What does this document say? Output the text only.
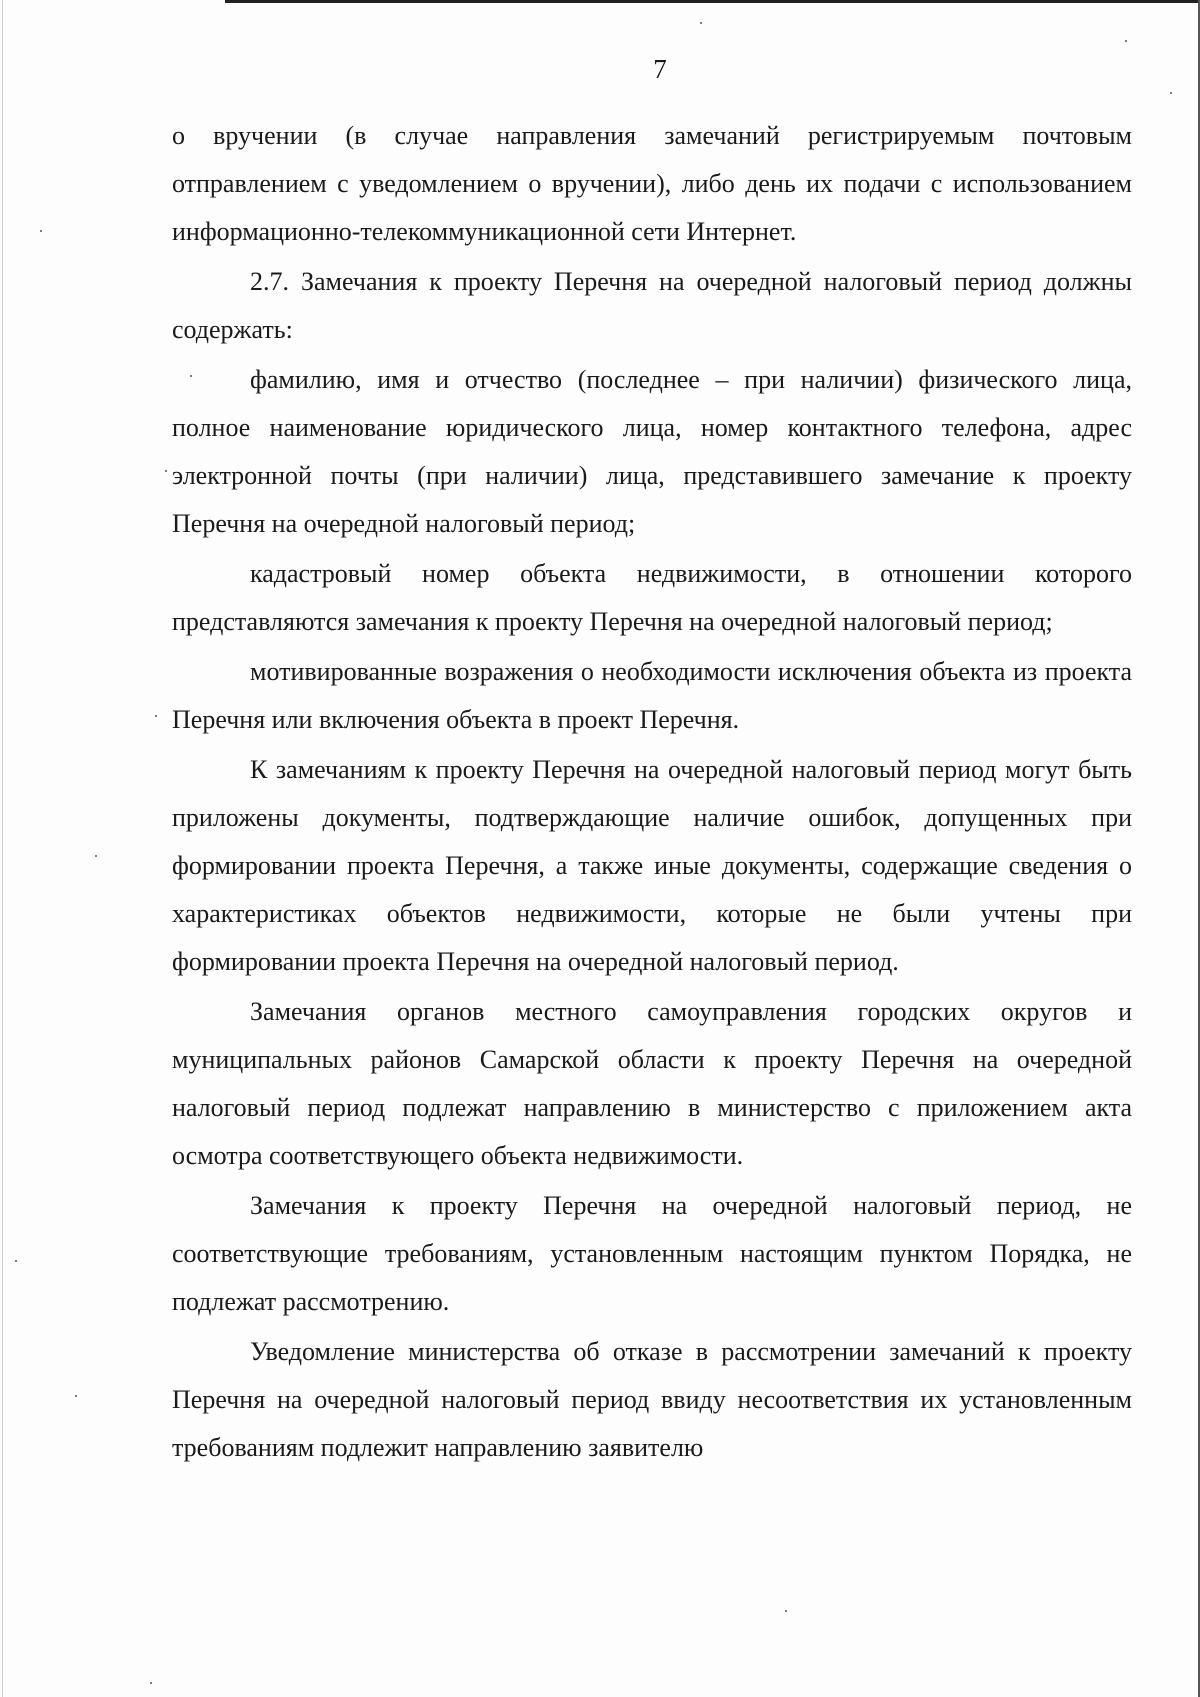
7

о вручении (в случае направления замечаний регистрируемым почтовым отправлением с уведомлением о вручении), либо день их подачи с использованием информационно-телекоммуникационной сети Интернет.

2.7. Замечания к проекту Перечня на очередной налоговый период должны содержать:

фамилию, имя и отчество (последнее – при наличии) физического лица, полное наименование юридического лица, номер контактного телефона, адрес электронной почты (при наличии) лица, представившего замечание к проекту Перечня на очередной налоговый период;

кадастровый номер объекта недвижимости, в отношении которого представляются замечания к проекту Перечня на очередной налоговый период;

мотивированные возражения о необходимости исключения объекта из проекта Перечня или включения объекта в проект Перечня.

К замечаниям к проекту Перечня на очередной налоговый период могут быть приложены документы, подтверждающие наличие ошибок, допущенных при формировании проекта Перечня, а также иные документы, содержащие сведения о характеристиках объектов недвижимости, которые не были учтены при формировании проекта Перечня на очередной налоговый период.

Замечания органов местного самоуправления городских округов и муниципальных районов Самарской области к проекту Перечня на очередной налоговый период подлежат направлению в министерство с приложением акта осмотра соответствующего объекта недвижимости.

Замечания к проекту Перечня на очередной налоговый период, не соответствующие требованиям, установленным настоящим пунктом Порядка, не подлежат рассмотрению.

Уведомление министерства об отказе в рассмотрении замечаний к проекту Перечня на очередной налоговый период ввиду несоответствия их установленным требованиям подлежит направлению заявителю
